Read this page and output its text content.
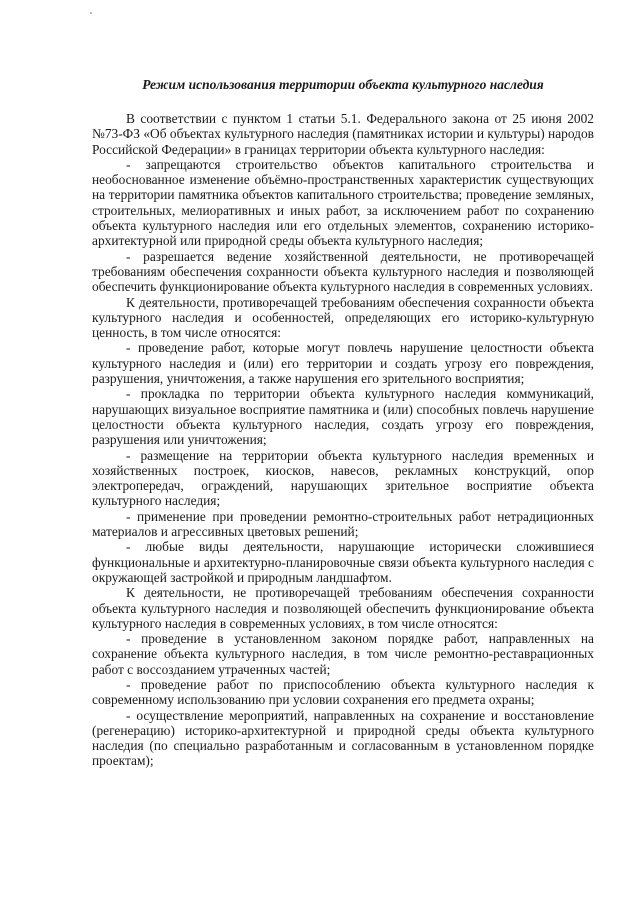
Режим использования территории объекта культурного наследия

В соответствии с пунктом 1 статьи 5.1. Федерального закона от 25 июня 2002 №73-ФЗ «Об объектах культурного наследия (памятниках истории и культуры) народов Российской Федерации» в границах территории объекта культурного наследия:

- запрещаются строительство объектов капитального строительства и необоснованное изменение объёмно-пространственных характеристик существующих на территории памятника объектов капитального строительства; проведение земляных, строительных, мелиоративных и иных работ, за исключением работ по сохранению объекта культурного наследия или его отдельных элементов, сохранению историко-архитектурной или природной среды объекта культурного наследия;

- разрешается ведение хозяйственной деятельности, не противоречащей требованиям обеспечения сохранности объекта культурного наследия и позволяющей обеспечить функционирование объекта культурного наследия в современных условиях.

К деятельности, противоречащей требованиям обеспечения сохранности объекта культурного наследия и особенностей, определяющих его историко-культурную ценность, в том числе относятся:

- проведение работ, которые могут повлечь нарушение целостности объекта культурного наследия и (или) его территории и создать угрозу его повреждения, разрушения, уничтожения, а также нарушения его зрительного восприятия;

- прокладка по территории объекта культурного наследия коммуникаций, нарушающих визуальное восприятие памятника и (или) способных повлечь нарушение целостности объекта культурного наследия, создать угрозу его повреждения, разрушения или уничтожения;

- размещение на территории объекта культурного наследия временных и хозяйственных построек, киосков, навесов, рекламных конструкций, опор электропередач, ограждений, нарушающих зрительное восприятие объекта культурного наследия;

- применение при проведении ремонтно-строительных работ нетрадиционных материалов и агрессивных цветовых решений;

- любые виды деятельности, нарушающие исторически сложившиеся функциональные и архитектурно-планировочные связи объекта культурного наследия с окружающей застройкой и природным ландшафтом.

К деятельности, не противоречащей требованиям обеспечения сохранности объекта культурного наследия и позволяющей обеспечить функционирование объекта культурного наследия в современных условиях, в том числе относятся:

- проведение в установленном законом порядке работ, направленных на сохранение объекта культурного наследия, в том числе ремонтно-реставрационных работ с воссозданием утраченных частей;

- проведение работ по приспособлению объекта культурного наследия к современному использованию при условии сохранения его предмета охраны;

- осуществление мероприятий, направленных на сохранение и восстановление (регенерацию) историко-архитектурной и природной среды объекта культурного наследия (по специально разработанным и согласованным в установленном порядке проектам);
